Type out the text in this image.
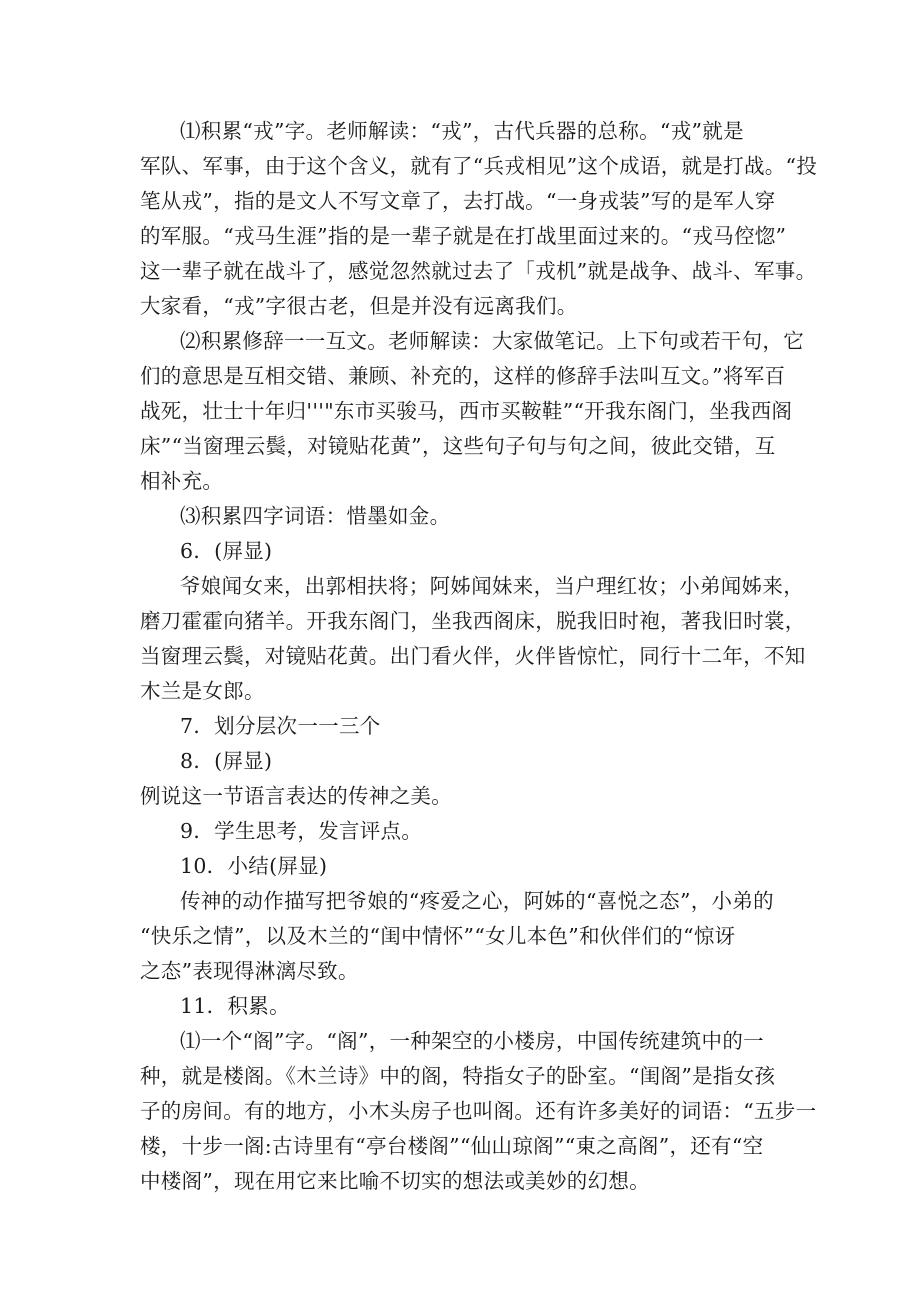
⑴积累“戎”字。老师解读：“戎”，古代兵器的总称。“戎”就是
军队、军事，由于这个含义，就有了“兵戎相见”这个成语，就是打战。“投
笔从戎”，指的是文人不写文章了，去打战。“一身戎装”写的是军人穿
的军服。“戎马生涯”指的是一辈子就是在打战里面过来的。“戎马倥惚”
这一辈子就在战斗了，感觉忽然就过去了「戎机”就是战争、战斗、军事。
大家看，“戎”字很古老，但是并没有远离我们。
⑵积累修辞一一互文。老师解读：大家做笔记。上下句或若干句，它
们的意思是互相交错、兼顾、补充的，这样的修辞手法叫互文。”将军百
战死，壮士十年归'''"东市买骏马，西市买鞍鞋”“开我东阁门，坐我西阁
床”“当窗理云鬓，对镜贴花黄”，这些句子句与句之间，彼此交错，互
相补充。
⑶积累四字词语：惜墨如金。
6．(屏显)
爷娘闻女来，出郭相扶将；阿姊闻妹来，当户理红妆；小弟闻姊来，
磨刀霍霍向猪羊。开我东阁门，坐我西阁床，脱我旧时袍，著我旧时裳，
当窗理云鬓，对镜贴花黄。出门看火伴，火伴皆惊忙，同行十二年，不知
木兰是女郎。
7．划分层次一一三个
8．(屏显)
例说这一节语言表达的传神之美。
9．学生思考，发言评点。
10．小结(屏显)
传神的动作描写把爷娘的“疼爱之心，阿姊的“喜悦之态”，小弟的
“快乐之情”，以及木兰的“闺中情怀”“女儿本色”和伙伴们的“惊讶
之态”表现得淋漓尽致。
11．积累。
⑴一个“阁”字。“阁”，一种架空的小楼房，中国传统建筑中的一
种，就是楼阁。《木兰诗》中的阁，特指女子的卧室。“闺阁”是指女孩
子的房间。有的地方，小木头房子也叫阁。还有许多美好的词语：“五步一
楼，十步一阁:古诗里有“亭台楼阁”“仙山琼阁”“東之高阁”，还有“空
中楼阁”，现在用它来比喻不切实的想法或美妙的幻想。
